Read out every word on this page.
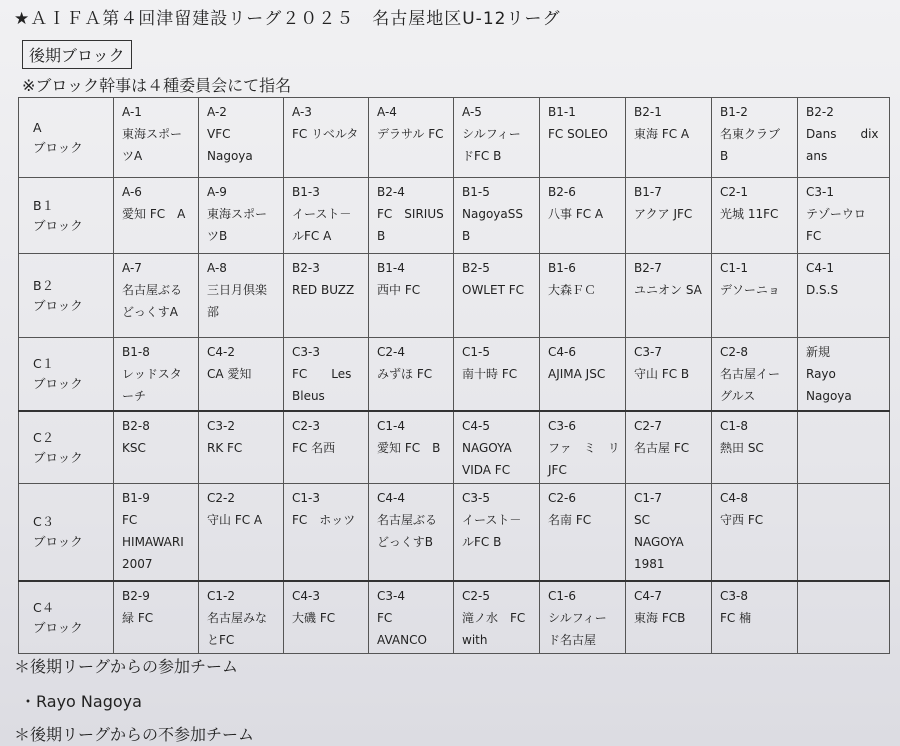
★ＡＩＦＡ第４回津留建設リーグ２０２５　名古屋地区U-12リーグ
後期ブロック
※ブロック幹事は４種委員会にて指名
A
ブロック	A-1
東海スポー
ツA	A-2
VFC
Nagoya	A-3
FC リベルタ	A-4
デラサル FC	A-5
シルフィー
ドFC B	B1-1
FC SOLEO	B2-1
東海 FC A	B1-2
名東クラブ
B	B2-2
Dans　　dix
ans

B１
ブロック	A-6
愛知 FC　A	A-9
東海スポー
ツB	B1-3
イースト－
ルFC A	B2-4
FC　SIRIUS
B	B1-5
NagoyaSS
B	B2-6
八事 FC A	B1-7
アクア JFC	C2-1
光城 11FC	C3-1
テゾーウロ
FC

B２
ブロック	A-7
名古屋ぶる
どっくすA	A-8
三日月倶楽
部	B2-3
RED BUZZ	B1-4
西中 FC	B2-5
OWLET FC	B1-6
大森ＦＣ	B2-7
ユニオン SA	C1-1
デソーニョ	C4-1
D.S.S

C１
ブロック	B1-8
レッドスタ
ーチ	C4-2
CA 愛知	C3-3
FC　　Les
Bleus	C2-4
みずほ FC	C1-5
南十時 FC	C4-6
AJIMA JSC	C3-7
守山 FC B	C2-8
名古屋イー
グルス	新規
Rayo
Nagoya

C２
ブロック	B2-8
KSC	C3-2
RK FC	C2-3
FC 名西	C1-4
愛知 FC　B	C4-5
NAGOYA
VIDA FC	C3-6
ファ　ミ　リ
JFC	C2-7
名古屋 FC	C1-8
熱田 SC	

C３
ブロック	B1-9
FC
HIMAWARI
2007	C2-2
守山 FC A	C1-3
FC　ホッツ	C4-4
名古屋ぶる
どっくすB	C3-5
イースト－
ルFC B	C2-6
名南 FC	C1-7
SC
NAGOYA
1981	C4-8
守西 FC	

C４
ブロック	B2-9
緑 FC	C1-2
名古屋みな
とFC	C4-3
大磯 FC	C3-4
FC
AVANCO	C2-5
滝ノ水　FC
with	C1-6
シルフィー
ド名古屋	C4-7
東海 FCB	C3-8
FC 楠	

＊後期リーグからの参加チーム
・Rayo Nagoya
＊後期リーグからの不参加チーム
